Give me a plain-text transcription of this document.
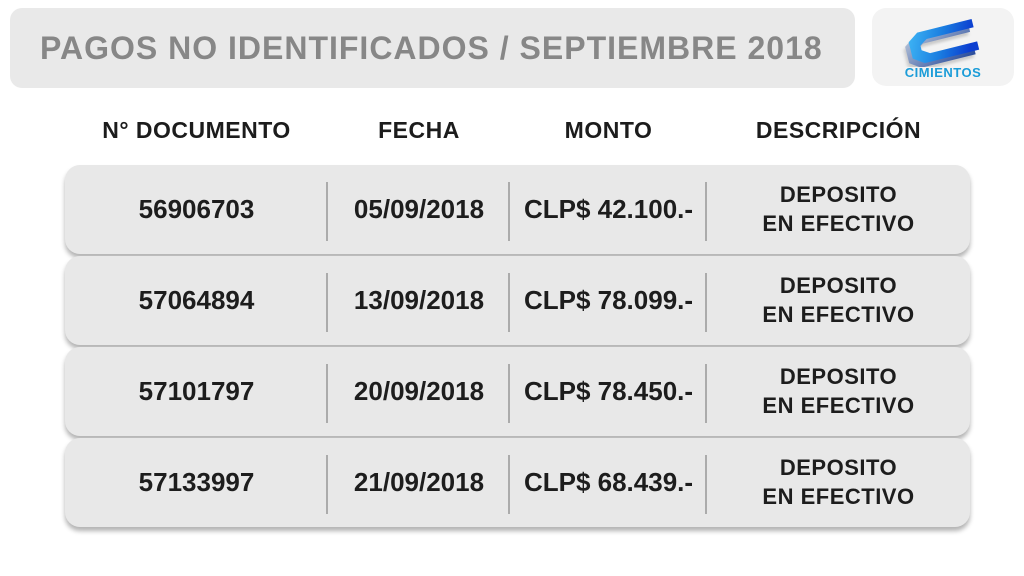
PAGOS NO IDENTIFICADOS / SEPTIEMBRE 2018
CIMIENTOS
N° DOCUMENTO	FECHA	MONTO	DESCRIPCIÓN
56906703	05/09/2018	CLP$ 42.100.-	DEPOSITO
EN EFECTIVO
57064894	13/09/2018	CLP$ 78.099.-	DEPOSITO
EN EFECTIVO
57101797	20/09/2018	CLP$ 78.450.-	DEPOSITO
EN EFECTIVO
57133997	21/09/2018	CLP$ 68.439.-	DEPOSITO
EN EFECTIVO
